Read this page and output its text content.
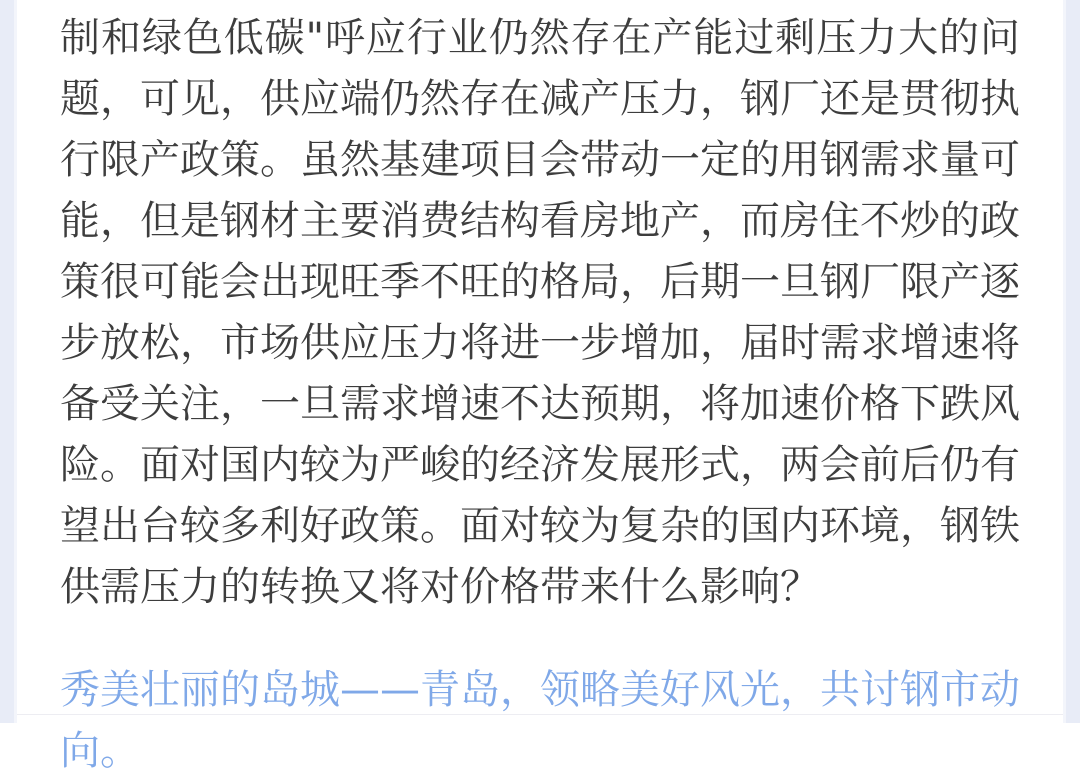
制和绿色低碳"呼应行业仍然存在产能过剩压力大的问题，可见，供应端仍然存在减产压力，钢厂还是贯彻执行限产政策。虽然基建项目会带动一定的用钢需求量可能，但是钢材主要消费结构看房地产，而房住不炒的政策很可能会出现旺季不旺的格局，后期一旦钢厂限产逐步放松，市场供应压力将进一步增加，届时需求增速将备受关注，一旦需求增速不达预期，将加速价格下跌风险。面对国内较为严峻的经济发展形式，两会前后仍有望出台较多利好政策。面对较为复杂的国内环境，钢铁供需压力的转换又将对价格带来什么影响？

秀美壮丽的岛城——青岛，领略美好风光，共讨钢市动向。
